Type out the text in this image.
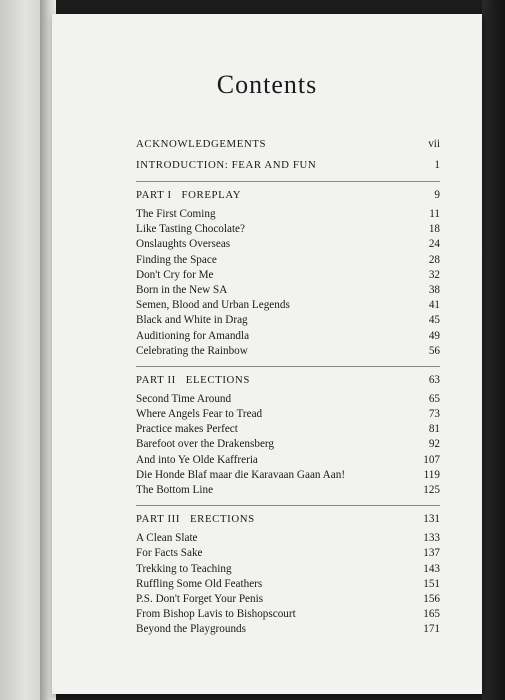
Contents
ACKNOWLEDGEMENTS	vii
INTRODUCTION: FEAR AND FUN	1
PART I   FOREPLAY	9
The First Coming	11
Like Tasting Chocolate?	18
Onslaughts Overseas	24
Finding the Space	28
Don't Cry for Me	32
Born in the New SA	38
Semen, Blood and Urban Legends	41
Black and White in Drag	45
Auditioning for Amandla	49
Celebrating the Rainbow	56
PART II   ELECTIONS	63
Second Time Around	65
Where Angels Fear to Tread	73
Practice makes Perfect	81
Barefoot over the Drakensberg	92
And into Ye Olde Kaffreria	107
Die Honde Blaf maar die Karavaan Gaan Aan!	119
The Bottom Line	125
PART III   ERECTIONS	131
A Clean Slate	133
For Facts Sake	137
Trekking to Teaching	143
Ruffling Some Old Feathers	151
P.S. Don't Forget Your Penis	156
From Bishop Lavis to Bishopscourt	165
Beyond the Playgrounds	171
